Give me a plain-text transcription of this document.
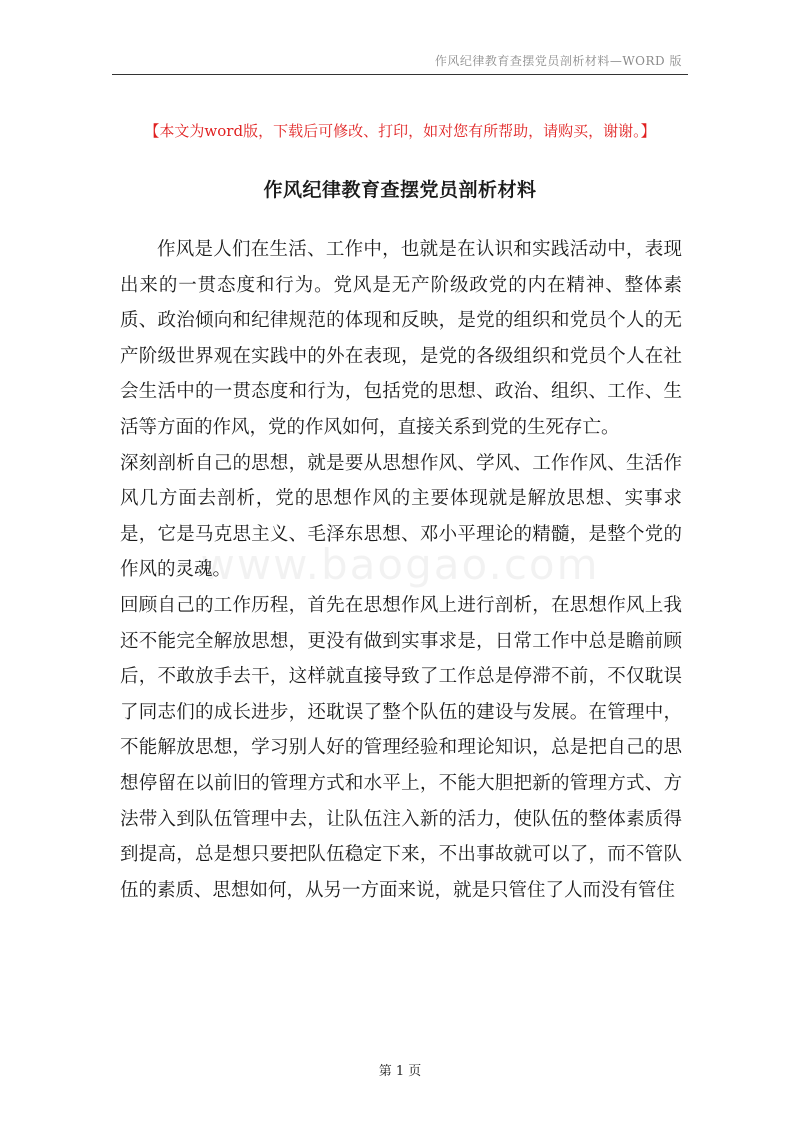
作风纪律教育查摆党员剖析材料—WORD 版
【本文为word版，下载后可修改、打印，如对您有所帮助，请购买，谢谢。】
作风纪律教育查摆党员剖析材料
www.baogao.com

作风是人们在生活、工作中，也就是在认识和实践活动中，表现出来的一贯态度和行为。党风是无产阶级政党的内在精神、整体素质、政治倾向和纪律规范的体现和反映，是党的组织和党员个人的无产阶级世界观在实践中的外在表现，是党的各级组织和党员个人在社会生活中的一贯态度和行为，包括党的思想、政治、组织、工作、生活等方面的作风，党的作风如何，直接关系到党的生死存亡。

深刻剖析自己的思想，就是要从思想作风、学风、工作作风、生活作风几方面去剖析，党的思想作风的主要体现就是解放思想、实事求是，它是马克思主义、毛泽东思想、邓小平理论的精髓，是整个党的作风的灵魂。

回顾自己的工作历程，首先在思想作风上进行剖析，在思想作风上我还不能完全解放思想，更没有做到实事求是，日常工作中总是瞻前顾后，不敢放手去干，这样就直接导致了工作总是停滞不前，不仅耽误了同志们的成长进步，还耽误了整个队伍的建设与发展。在管理中，不能解放思想，学习别人好的管理经验和理论知识，总是把自己的思想停留在以前旧的管理方式和水平上，不能大胆把新的管理方式、方法带入到队伍管理中去，让队伍注入新的活力，使队伍的整体素质得到提高，总是想只要把队伍稳定下来，不出事故就可以了，而不管队伍的素质、思想如何，从另一方面来说，就是只管住了人而没有管住

第 1 页
